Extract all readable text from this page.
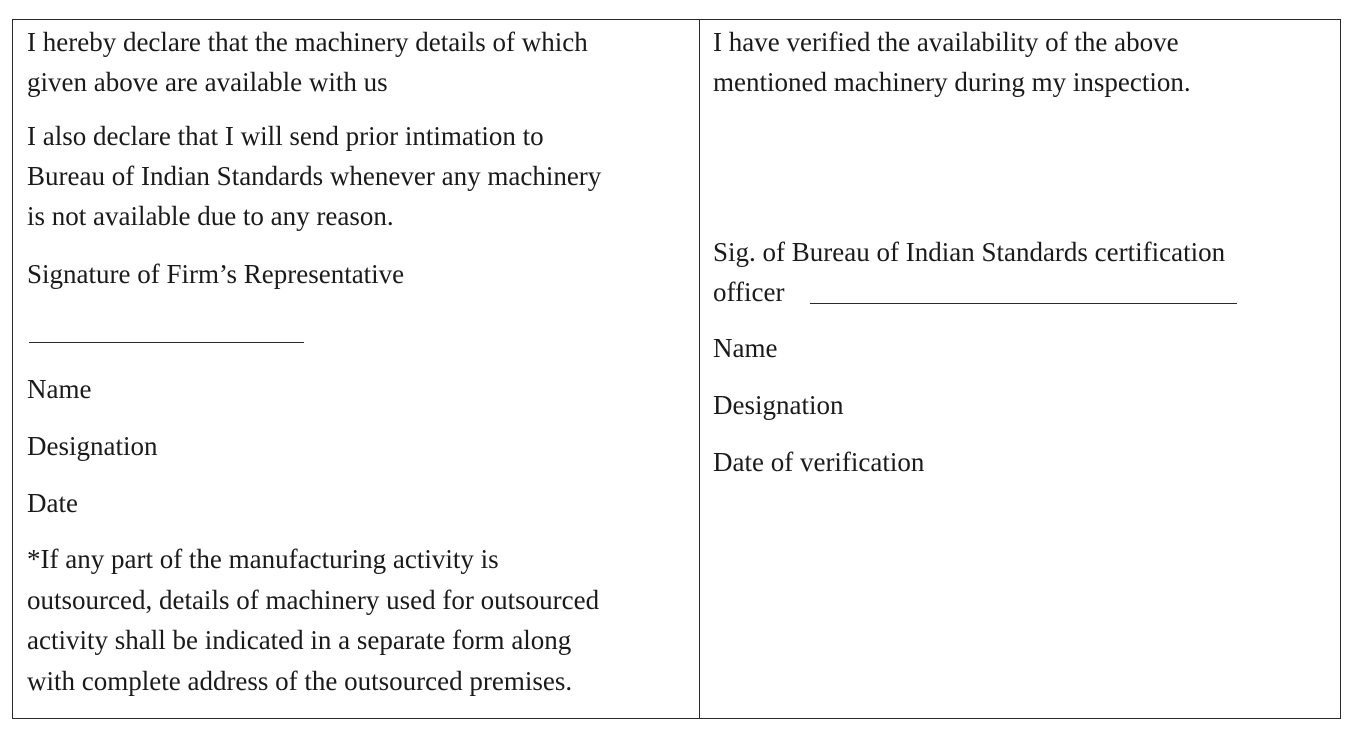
I hereby declare that the machinery details of which
given above are available with us
I also declare that I will send prior intimation to
Bureau of Indian Standards whenever any machinery
is not available due to any reason.
Signature of Firm’s Representative
Name
Designation
Date
*If any part of the manufacturing activity is
outsourced, details of machinery used for outsourced
activity shall be indicated in a separate form along
with complete address of the outsourced premises.
I have verified the availability of the above
mentioned machinery during my inspection.
Sig. of Bureau of Indian Standards certification
officer
Name
Designation
Date of verification
